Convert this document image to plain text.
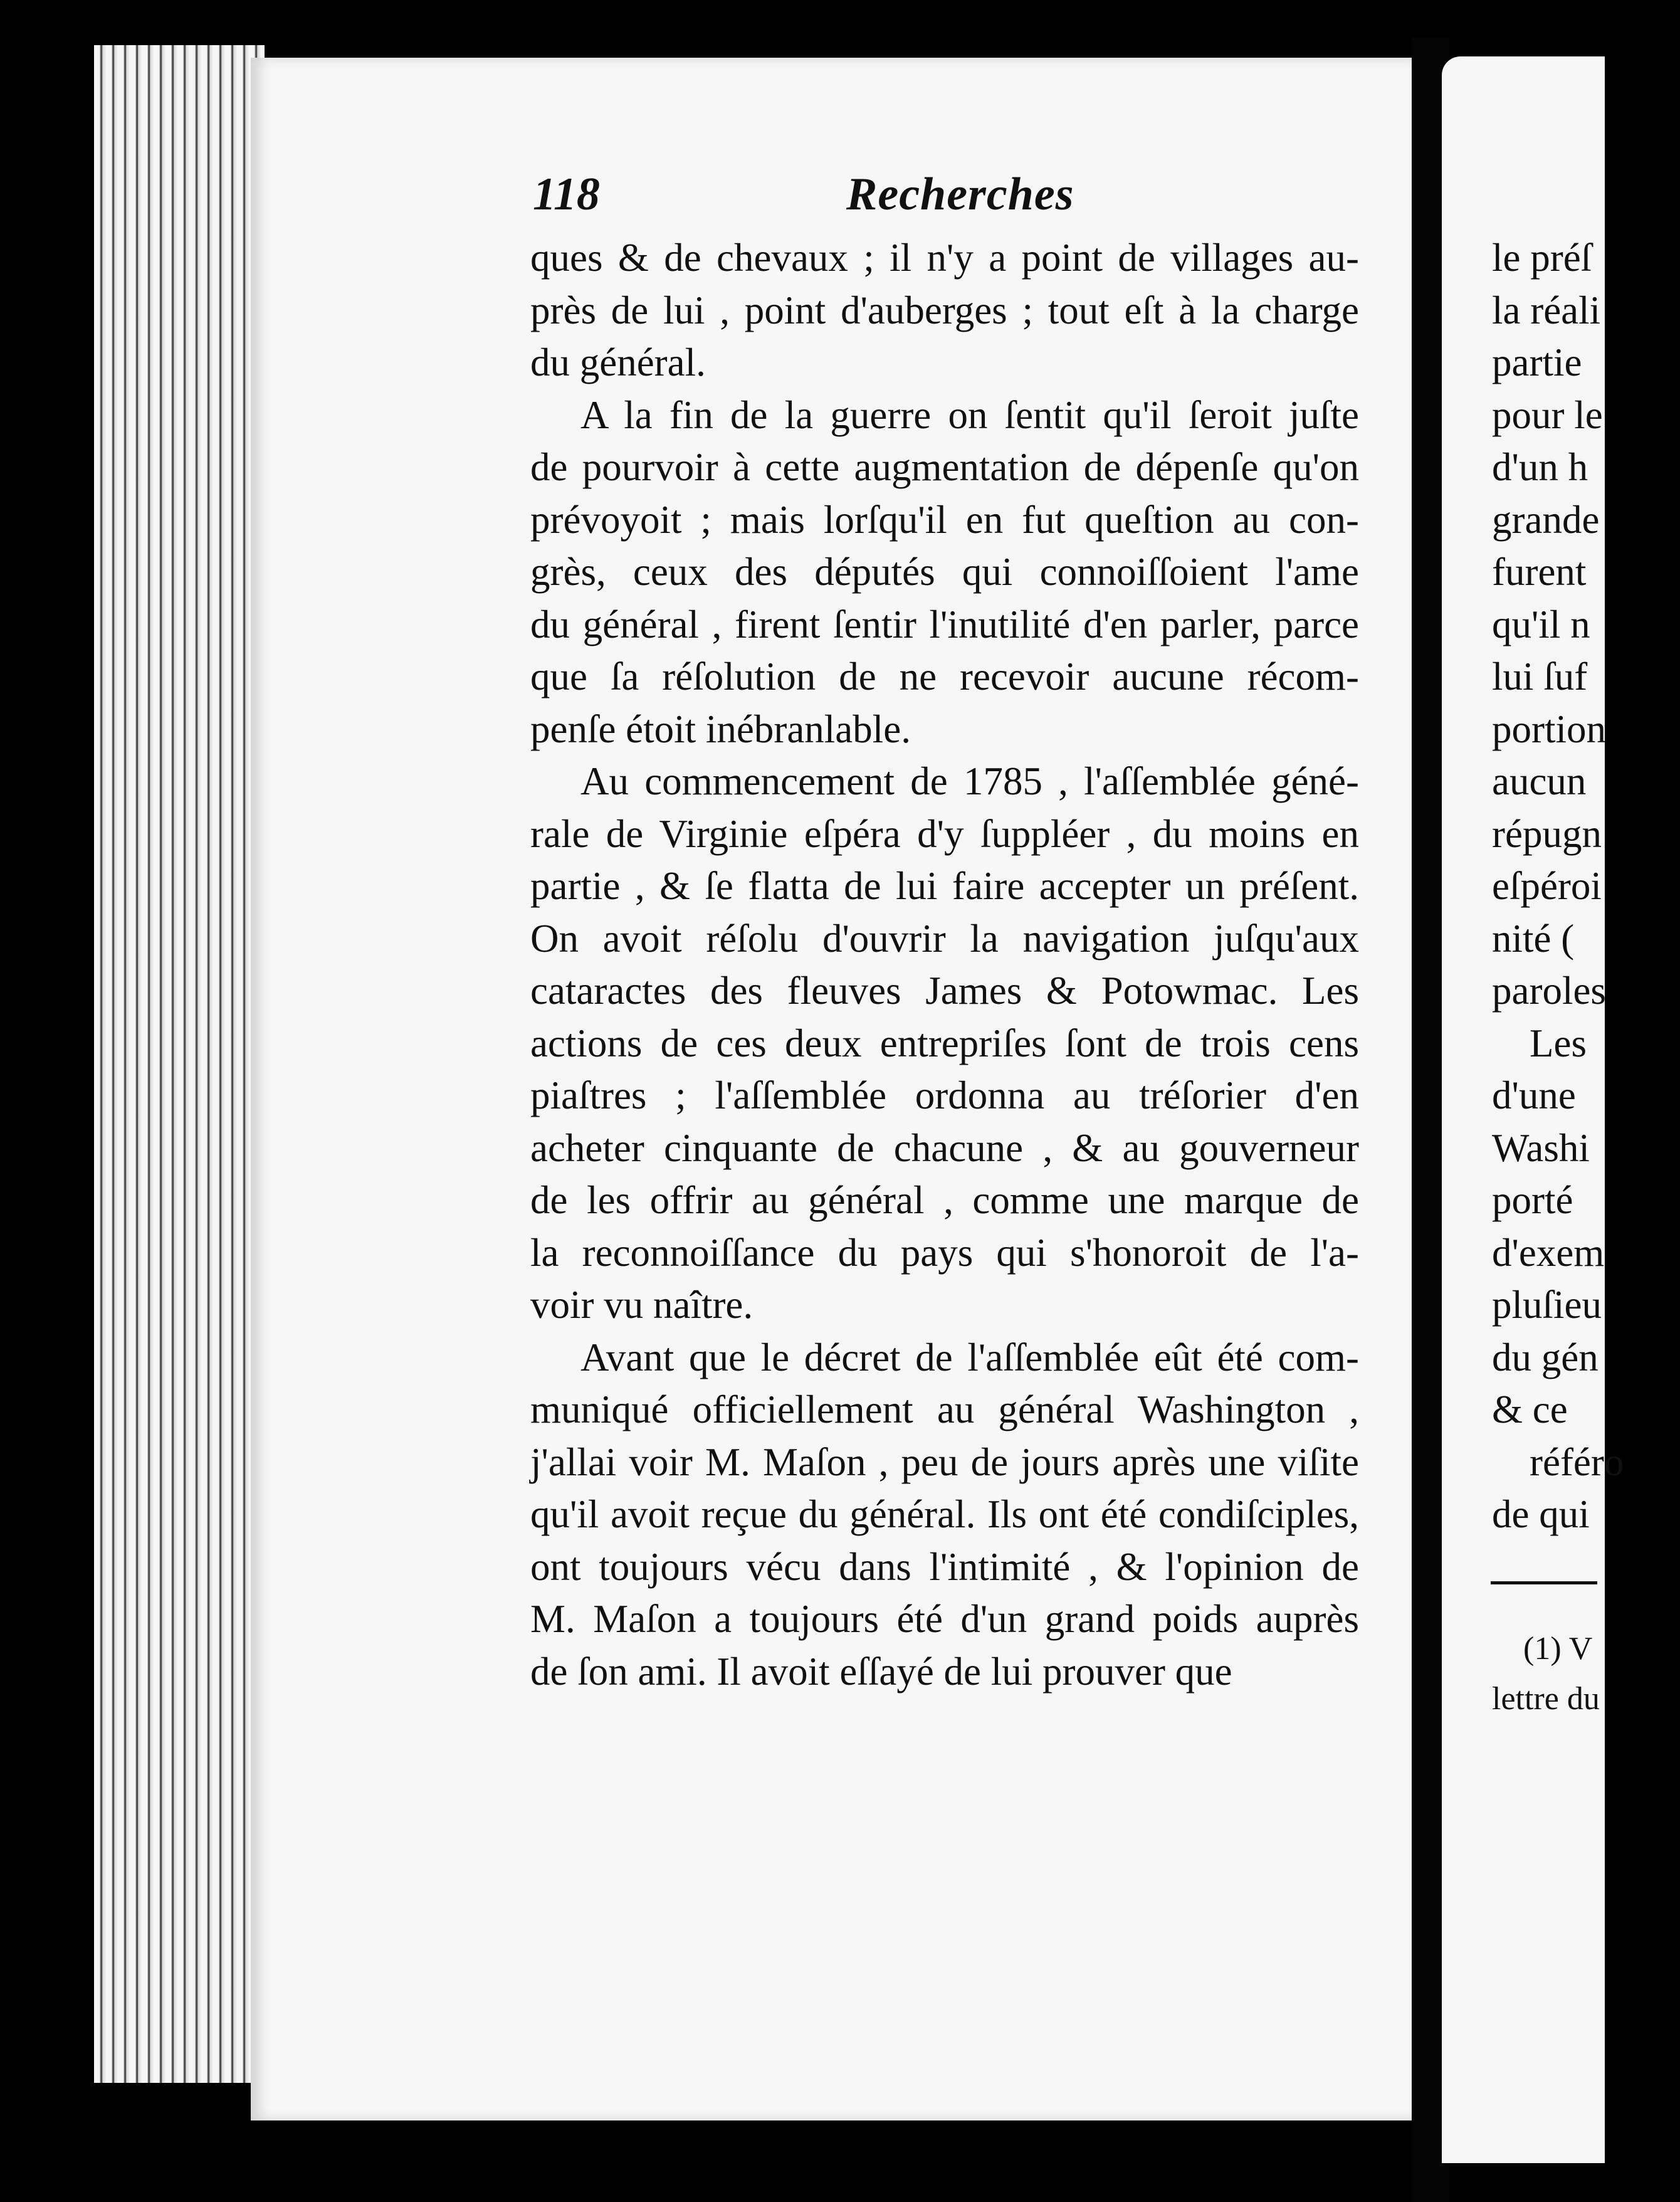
118	Recherches
ques & de chevaux ; il n'y a point de villages au-
près de lui , point d'auberges ; tout eſt à la charge
du général.
A la fin de la guerre on ſentit qu'il ſeroit juſte
de pourvoir à cette augmentation de dépenſe qu'on
prévoyoit ; mais lorſqu'il en fut queſtion au con-
grès, ceux des députés qui connoiſſoient l'ame
du général , firent ſentir l'inutilité d'en parler, parce
que ſa réſolution de ne recevoir aucune récom-
penſe étoit inébranlable.
Au commencement de 1785 , l'aſſemblée géné-
rale de Virginie eſpéra d'y ſuppléer , du moins en
partie , & ſe flatta de lui faire accepter un préſent.
On avoit réſolu d'ouvrir la navigation juſqu'aux
cataractes des fleuves James & Potowmac. Les
actions de ces deux entrepriſes ſont de trois cens
piaſtres ; l'aſſemblée ordonna au tréſorier d'en
acheter cinquante de chacune , & au gouverneur
de les offrir au général , comme une marque de
la reconnoiſſance du pays qui s'honoroit de l'a-
voir vu naître.
Avant que le décret de l'aſſemblée eût été com-
muniqué officiellement au général Washington ,
j'allai voir M. Maſon , peu de jours après une viſite
qu'il avoit reçue du général. Ils ont été condiſciples,
ont toujours vécu dans l'intimité , & l'opinion de
M. Maſon a toujours été d'un grand poids auprès
de ſon ami. Il avoit eſſayé de lui prouver que
le préſ
la réali
partie
pour le
d'un h
grande
furent
qu'il n
lui ſuf
portion
aucun
répugn
eſpéroi
nité (
paroles
Les
d'une
Washi
porté
d'exem
pluſieu
du gén
& ce
référo
de qui
(1) V
lettre du
